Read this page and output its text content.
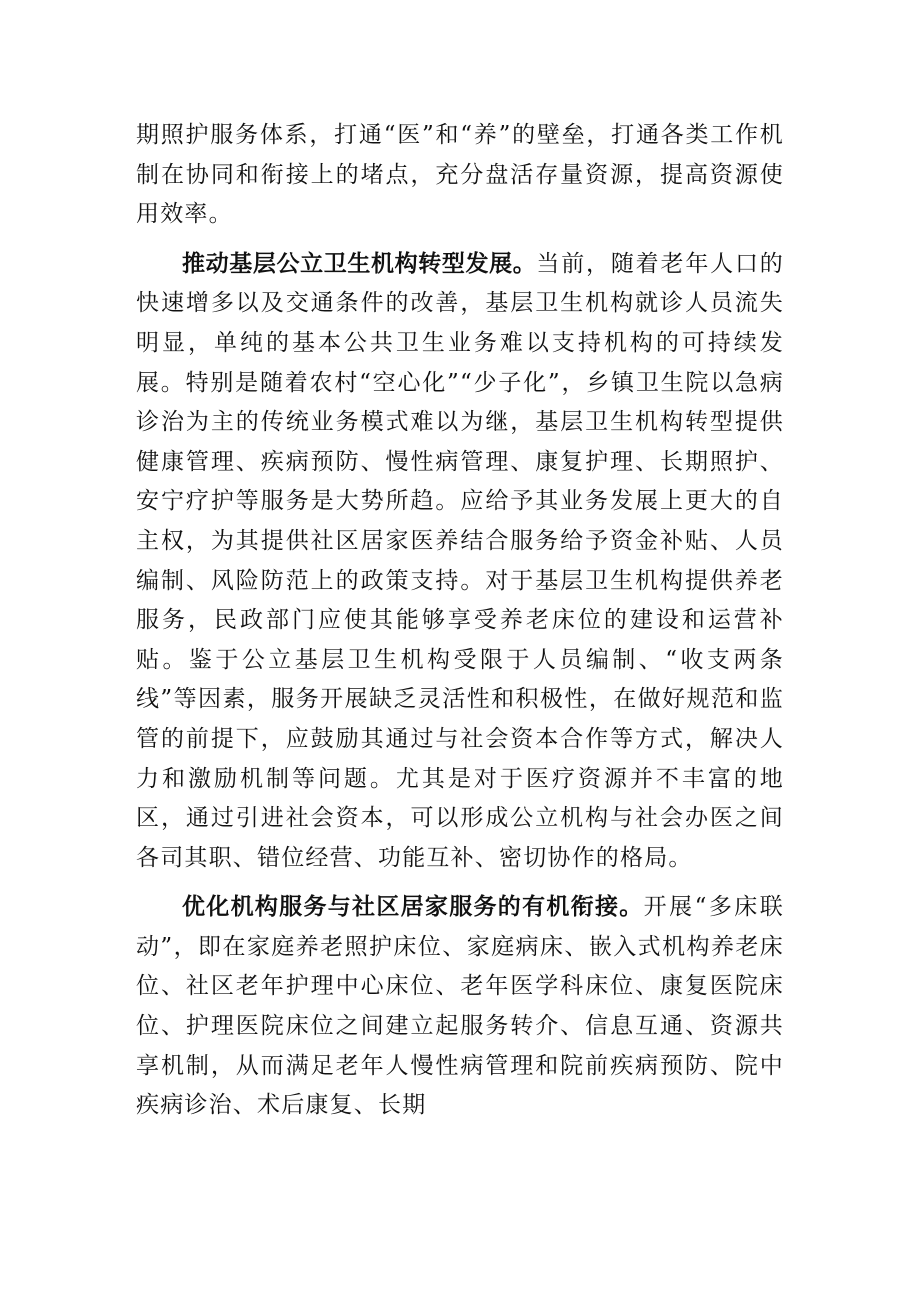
期照护服务体系，打通“医”和“养”的壁垒，打通各类工作机制在协同和衔接上的堵点，充分盘活存量资源，提高资源使用效率。

推动基层公立卫生机构转型发展。当前，随着老年人口的快速增多以及交通条件的改善，基层卫生机构就诊人员流失明显，单纯的基本公共卫生业务难以支持机构的可持续发展。特别是随着农村“空心化”“少子化”，乡镇卫生院以急病诊治为主的传统业务模式难以为继，基层卫生机构转型提供健康管理、疾病预防、慢性病管理、康复护理、长期照护、安宁疗护等服务是大势所趋。应给予其业务发展上更大的自主权，为其提供社区居家医养结合服务给予资金补贴、人员编制、风险防范上的政策支持。对于基层卫生机构提供养老服务，民政部门应使其能够享受养老床位的建设和运营补贴。鉴于公立基层卫生机构受限于人员编制、“收支两条线”等因素，服务开展缺乏灵活性和积极性，在做好规范和监管的前提下，应鼓励其通过与社会资本合作等方式，解决人力和激励机制等问题。尤其是对于医疗资源并不丰富的地区，通过引进社会资本，可以形成公立机构与社会办医之间各司其职、错位经营、功能互补、密切协作的格局。

优化机构服务与社区居家服务的有机衔接。开展“多床联动”，即在家庭养老照护床位、家庭病床、嵌入式机构养老床位、社区老年护理中心床位、老年医学科床位、康复医院床位、护理医院床位之间建立起服务转介、信息互通、资源共享机制，从而满足老年人慢性病管理和院前疾病预防、院中疾病诊治、术后康复、长期
